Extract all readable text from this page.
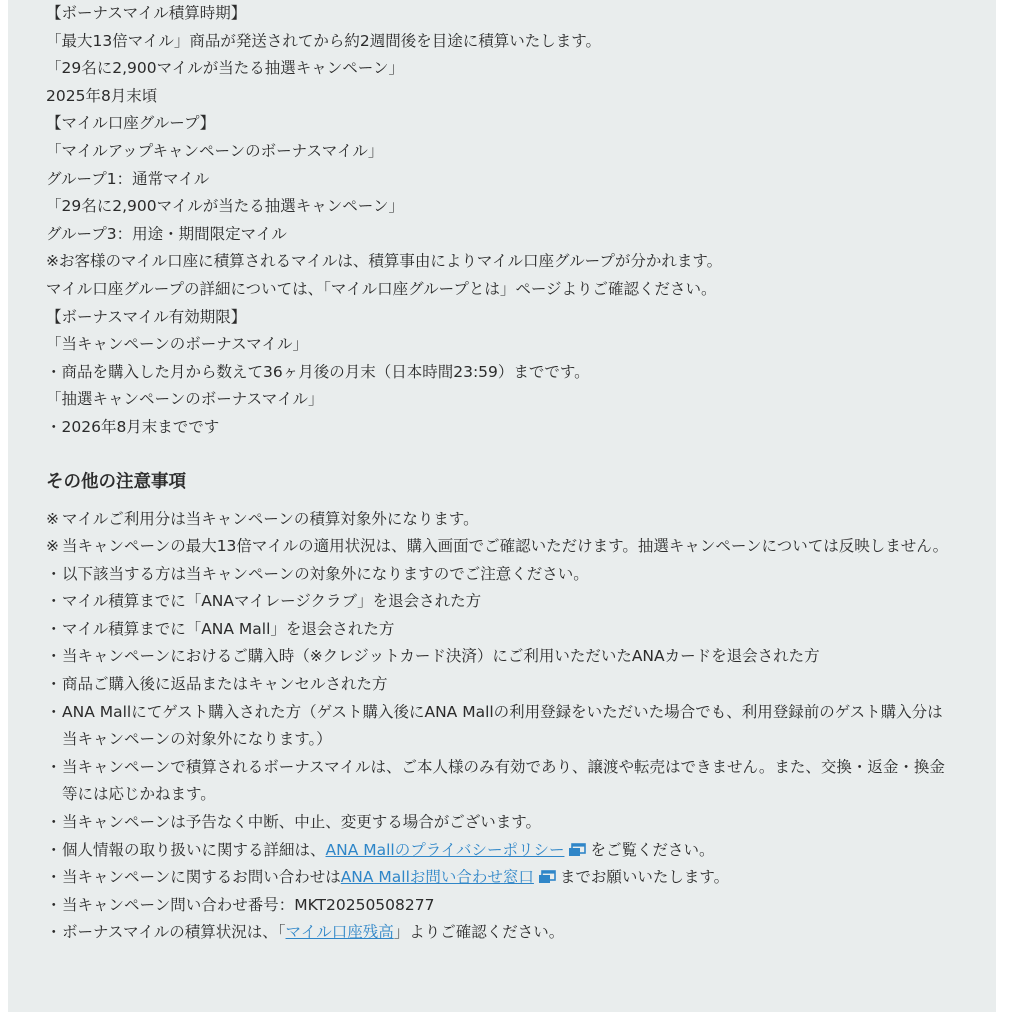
【ボーナスマイル積算時期】
「最大13倍マイル」商品が発送されてから約2週間後を目途に積算いたします。
「29名に2,900マイルが当たる抽選キャンペーン」
2025年8月末頃
【マイル口座グループ】
「マイルアップキャンペーンのボーナスマイル」
グループ1：通常マイル
「29名に2,900マイルが当たる抽選キャンペーン」
グループ3：用途・期間限定マイル
※お客様のマイル口座に積算されるマイルは、積算事由によりマイル口座グループが分かれます。
マイル口座グループの詳細については、「マイル口座グループとは」ページよりご確認ください。
【ボーナスマイル有効期限】
「当キャンペーンのボーナスマイル」
・商品を購入した月から数えて36ヶ月後の月末（日本時間23:59）までです。
「抽選キャンペーンのボーナスマイル」
・2026年8月末までです
その他の注意事項
※ マイルご利用分は当キャンペーンの積算対象外になります。
※ 当キャンペーンの最大13倍マイルの適用状況は、購入画面でご確認いただけます。抽選キャンペーンについては反映しません。
・ 以下該当する方は当キャンペーンの対象外になりますのでご注意ください。
・ マイル積算までに「ANAマイレージクラブ」を退会された方
・ マイル積算までに「ANA Mall」を退会された方
・ 当キャンペーンにおけるご購入時（※クレジットカード決済）にご利用いただいたANAカードを退会された方
・ 商品ご購入後に返品またはキャンセルされた方
・ ANA Mallにてゲスト購入された方（ゲスト購入後にANA Mallの利用登録をいただいた場合でも、利用登録前のゲスト購入分は当キャンペーンの対象外になります。）
・ 当キャンペーンで積算されるボーナスマイルは、ご本人様のみ有効であり、譲渡や転売はできません。また、交換・返金・換金等には応じかねます。
・ 当キャンペーンは予告なく中断、中止、変更する場合がございます。
・ 個人情報の取り扱いに関する詳細は、ANA Mallのプライバシーポリシー をご覧ください。
・ 当キャンペーンに関するお問い合わせはANA Mallお問い合わせ窓口 までお願いいたします。
・ 当キャンペーン問い合わせ番号：MKT20250508277
・ ボーナスマイルの積算状況は、「マイル口座残高」よりご確認ください。
